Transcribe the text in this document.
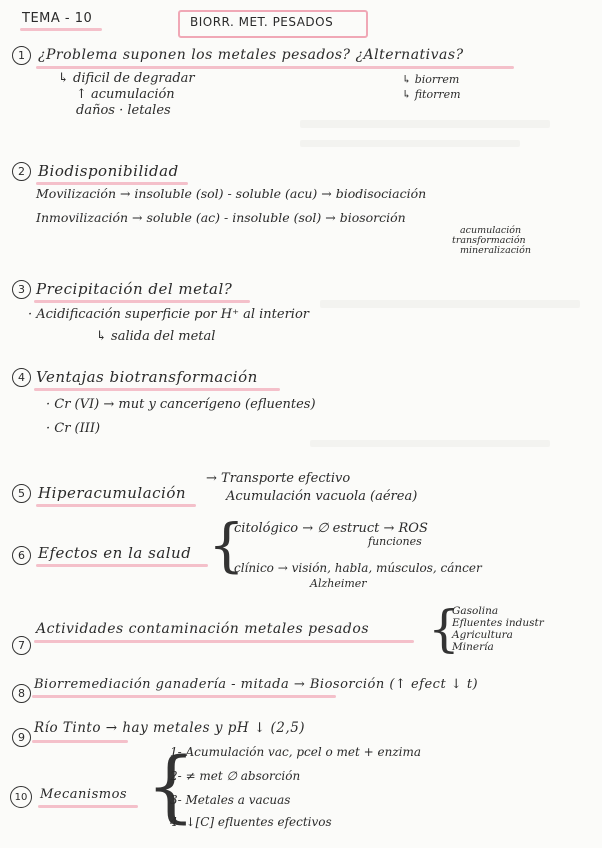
TEMA - 10	BIORR. MET. PESADOS
1 ¿Problema suponen los metales pesados? ¿Alternativas?
↳ dificil de degradar
↑ acumulación
daños · letales
↳ biorrem
↳ fitorrem
2 Biodisponibilidad
Movilización → insoluble (sol) - soluble (acu) → biodisociación
Inmovilización → soluble (ac) - insoluble (sol) → biosorción
acumulación
transformación
mineralización
3 Precipitación del metal?
· Acidificación superficie por H⁺ al interior
↳ salida del metal
4 Ventajas biotransformación
· Cr (VI) → mut y cancerígeno (efluentes)
· Cr (III)
5 Hiperacumulación
→ Transporte efectivo
Acumulación vacuola (aérea)
6 Efectos en la salud {
citológico → ∅ estruct → ROS
funciones
clínico → visión, habla, músculos, cáncer
Alzheimer
7
Actividades contaminación metales pesados {
Gasolina
Efluentes industr
Agricultura
Minería
8
Biorremediación ganadería - mitada → Biosorción (↑ efect ↓ t)
9
Río Tinto → hay metales y pH ↓ (2,5)
10 Mecanismos {
1- Acumulación vac, pcel o met + enzima
2- ≠ met ∅ absorción
3- Metales a vacuas
4- ↓[C] efluentes efectivos
